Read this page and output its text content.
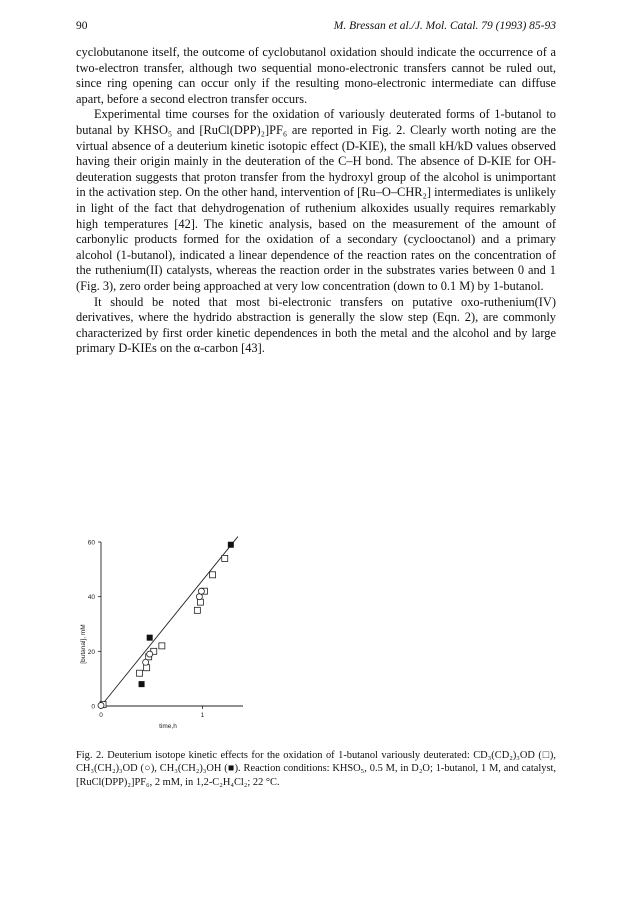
90	M. Bressan et al./J. Mol. Catal. 79 (1993) 85-93

cyclobutanone itself, the outcome of cyclobutanol oxidation should indicate the occurrence of a two-electron transfer, although two sequential mono-electronic transfers cannot be ruled out, since ring opening can occur only if the resulting mono-electronic intermediate can diffuse apart, before a second electron transfer occurs.

Experimental time courses for the oxidation of variously deuterated forms of 1-butanol to butanal by KHSO₅ and [RuCl(DPP)₂]PF₆ are reported in Fig. 2. Clearly worth noting are the virtual absence of a deuterium kinetic isotopic effect (D-KIE), the small kH/kD values observed having their origin mainly in the deuteration of the C–H bond. The absence of D-KIE for OH-deuteration suggests that proton transfer from the hydroxyl group of the alcohol is unimportant in the activation step. On the other hand, intervention of [Ru–O–CHR₂] intermediates is unlikely in light of the fact that dehydrogenation of ruthenium alkoxides usually requires remarkably high temperatures [42]. The kinetic analysis, based on the measurement of the amount of carbonylic products formed for the oxidation of a secondary (cyclooctanol) and a primary alcohol (1-butanol), indicated a linear dependence of the reaction rates on the concentration of the ruthenium(II) catalysts, whereas the reaction order in the substrates varies between 0 and 1 (Fig. 3), zero order being approached at very low concentration (down to 0.1 M) by 1-butanol.

It should be noted that most bi-electronic transfers on putative oxo-ruthenium(IV) derivatives, where the hydrido abstraction is generally the slow step (Eqn. 2), are commonly characterized by first order kinetic dependences in both the metal and the alcohol and by large primary D-KIEs on the α-carbon [43].

0
20
40
60
0	1
time,h
[butanal], mM
Fig. 2. Deuterium isotope kinetic effects for the oxidation of 1-butanol variously deuterated: CD₃(CD₂)₃OD (□), CH₃(CH₂)₃OD (○), CH₃(CH₂)₃OH (■). Reaction conditions: KHSO₅, 0.5 M, in D₂O; 1-butanol, 1 M, and catalyst, [RuCl(DPP)₂]PF₆, 2 mM, in 1,2-C₂H₄Cl₂; 22 °C.
